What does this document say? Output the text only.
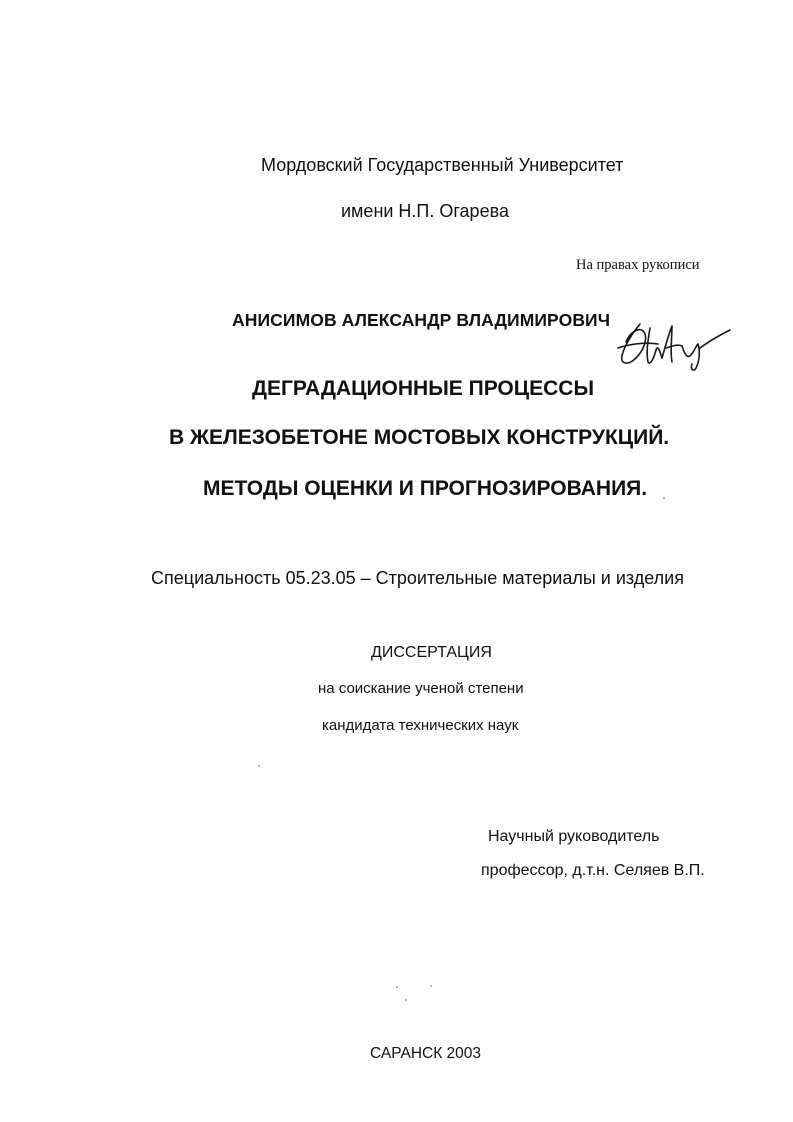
Мордовский Государственный Университет
имени Н.П. Огарева
На правах рукописи
АНИСИМОВ АЛЕКСАНДР ВЛАДИМИРОВИЧ
ДЕГРАДАЦИОННЫЕ ПРОЦЕССЫ
В ЖЕЛЕЗОБЕТОНЕ МОСТОВЫХ КОНСТРУКЦИЙ.
МЕТОДЫ ОЦЕНКИ И ПРОГНОЗИРОВАНИЯ.
Специальность 05.23.05 – Строительные материалы и изделия
ДИССЕРТАЦИЯ
на соискание ученой степени
кандидата технических наук
Научный руководитель
профессор, д.т.н. Селяев В.П.
САРАНСК 2003
